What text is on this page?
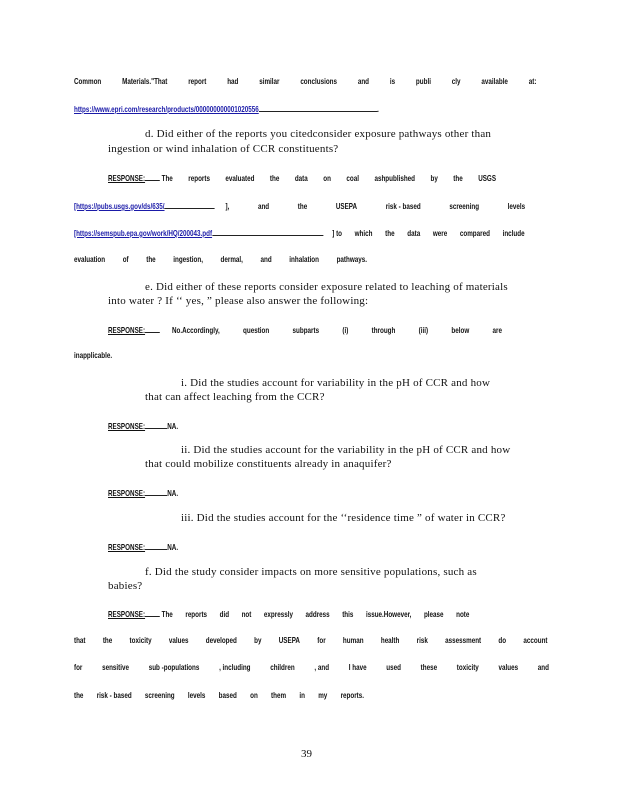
Common Materials."That report had similar conclusions and is publi cly available at:
https://www.epri.com/research/products/000000000001020556	.
d. Did either of the reports you citedconsider exposure pathways other than
ingestion or wind inhalation of CCR constituents?
RESPONSE: The reports evaluated the data on coal ashpublished by the USGS
[https://pubs.usgs.gov/ds/635/	],	and	the	USEPA	risk - based	screening	levels
[https://semspub.epa.gov/work/HQ/200043.pdf	] to which the data were compared include
evaluation of the ingestion, dermal, and inhalation pathways.
e. Did either of these reports consider exposure related to leaching of materials
into water ? If ‘‘ yes, ” please also answer the following:
RESPONSE:	No.Accordingly,	question	subparts	(i)	through	(iii)	below	are
inapplicable.
i. Did the studies account for variability in the pH of CCR and how
that can affect leaching from the CCR?
RESPONSE:	NA.
ii. Did the studies account for the variability in the pH of CCR and how
that could mobilize constituents already in anaquifer?
RESPONSE:	NA.
iii. Did the studies account for the ‘‘residence time ” of water in CCR?
RESPONSE:	NA.
f. Did the study consider impacts on more sensitive populations, such as
babies?
RESPONSE: The reports did not expressly address this issue.However, please note
that the toxicity values developed by USEPA for human health risk assessment do account
for sensitive sub -populations , including children , and I have used these toxicity values and
the risk - based screening levels based on them in my reports.
39
